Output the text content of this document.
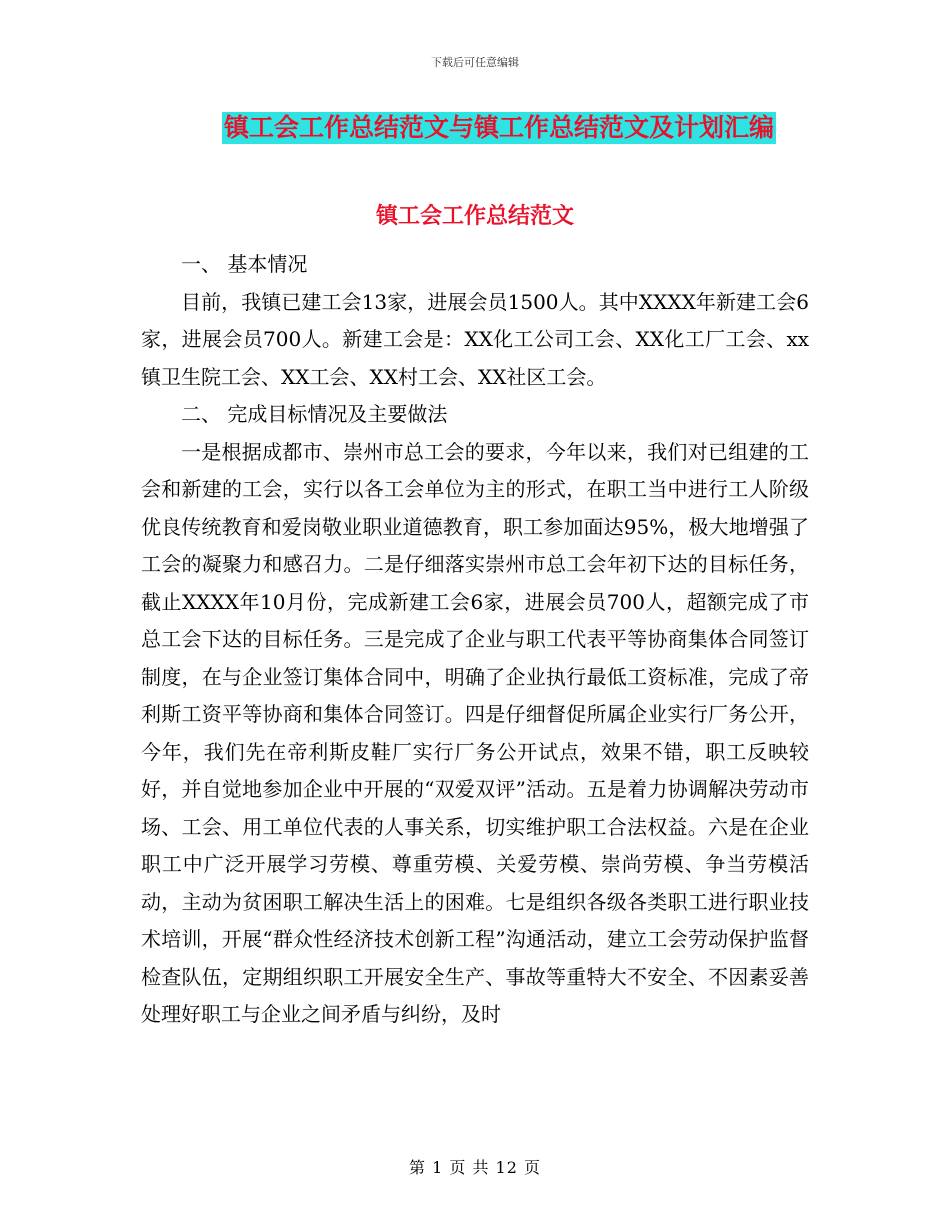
下载后可任意编辑
镇工会工作总结范文与镇工作总结范文及计划汇编
镇工会工作总结范文

一、 基本情况

目前，我镇已建工会13家，进展会员1500人。其中XXXX年新建工会6 家，进展会员700人。新建工会是：XX化工公司工会、XX化工厂工会、xx镇卫生院工会、XX工会、XX村工会、XX社区工会。

二、 完成目标情况及主要做法

一是根据成都市、崇州市总工会的要求，今年以来，我们对已组建的工会和新建的工会，实行以各工会单位为主的形式，在职工当中进行工人阶级优良传统教育和爱岗敬业职业道德教育，职工参加面达95%，极大地增强了工会的凝聚力和感召力。二是仔细落实崇州市总工会年初下达的目标任务，截止XXXX年10月份，完成新建工会6家，进展会员700人，超额完成了市总工会下达的目标任务。三是完成了企业与职工代表平等协商集体合同签订制度，在与企业签订集体合同中，明确了企业执行最低工资标准，完成了帝利斯工资平等协商和集体合同签订。四是仔细督促所属企业实行厂务公开，今年，我们先在帝利斯皮鞋厂实行厂务公开试点，效果不错，职工反映较好，并自觉地参加企业中开展的“双爱双评”活动。五是着力协调解决劳动市场、工会、用工单位代表的人事关系，切实维护职工合法权益。六是在企业职工中广泛开展学习劳模、尊重劳模、关爱劳模、崇尚劳模、争当劳模活动，主动为贫困职工解决生活上的困难。七是组织各级各类职工进行职业技术培训，开展“群众性经济技术创新工程”沟通活动，建立工会劳动保护监督检查队伍，定期组织职工开展安全生产、事故等重特大不安全、不因素妥善处理好职工与企业之间矛盾与纠纷，及时

第 1 页 共 12 页
